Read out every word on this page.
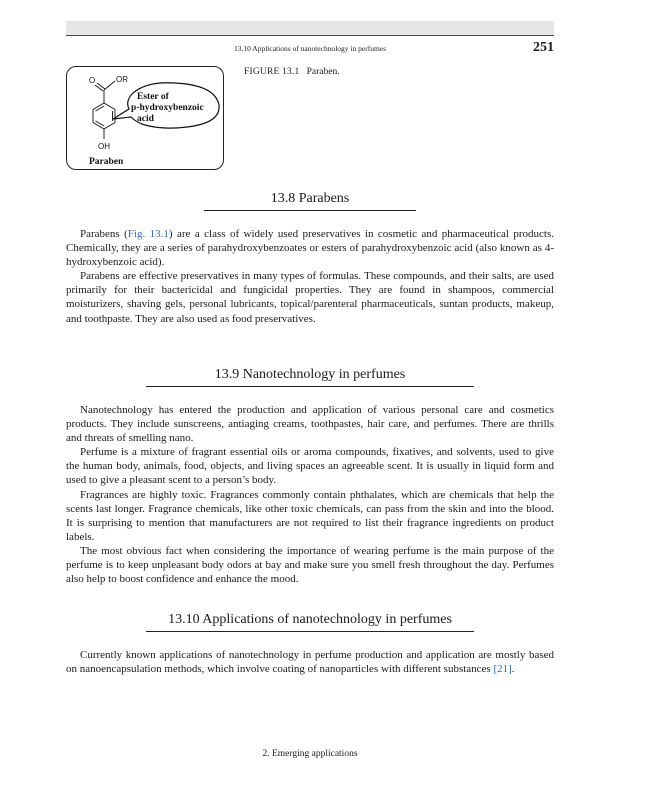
13.10 Applications of nanotechnology in perfumes	251
O	OR
OH
Ester of
p-hydroxybenzoic
acid
Paraben
FIGURE 13.1 Paraben.
13.8 Parabens

Parabens (Fig. 13.1) are a class of widely used preservatives in cosmetic and pharmaceutical products. Chemically, they are a series of parahydroxybenzoates or esters of parahydroxybenzoic acid (also known as 4-hydroxybenzoic acid).

Parabens are effective preservatives in many types of formulas. These compounds, and their salts, are used primarily for their bactericidal and fungicidal properties. They are found in shampoos, commercial moisturizers, shaving gels, personal lubricants, topical/parenteral pharmaceuticals, suntan products, makeup, and toothpaste. They are also used as food preservatives.

13.9 Nanotechnology in perfumes

Nanotechnology has entered the production and application of various personal care and cosmetics products. They include sunscreens, antiaging creams, toothpastes, hair care, and perfumes. There are thrills and threats of smelling nano.

Perfume is a mixture of fragrant essential oils or aroma compounds, fixatives, and solvents, used to give the human body, animals, food, objects, and living spaces an agreeable scent. It is usually in liquid form and used to give a pleasant scent to a person’s body.

Fragrances are highly toxic. Fragrances commonly contain phthalates, which are chemicals that help the scents last longer. Fragrance chemicals, like other toxic chemicals, can pass from the skin and into the blood. It is surprising to mention that manufacturers are not required to list their fragrance ingredients on product labels.

The most obvious fact when considering the importance of wearing perfume is the main purpose of the perfume is to keep unpleasant body odors at bay and make sure you smell fresh throughout the day. Perfumes also help to boost confidence and enhance the mood.

13.10 Applications of nanotechnology in perfumes

Currently known applications of nanotechnology in perfume production and application are mostly based on nanoencapsulation methods, which involve coating of nanoparticles with different substances [21].

2. Emerging applications
